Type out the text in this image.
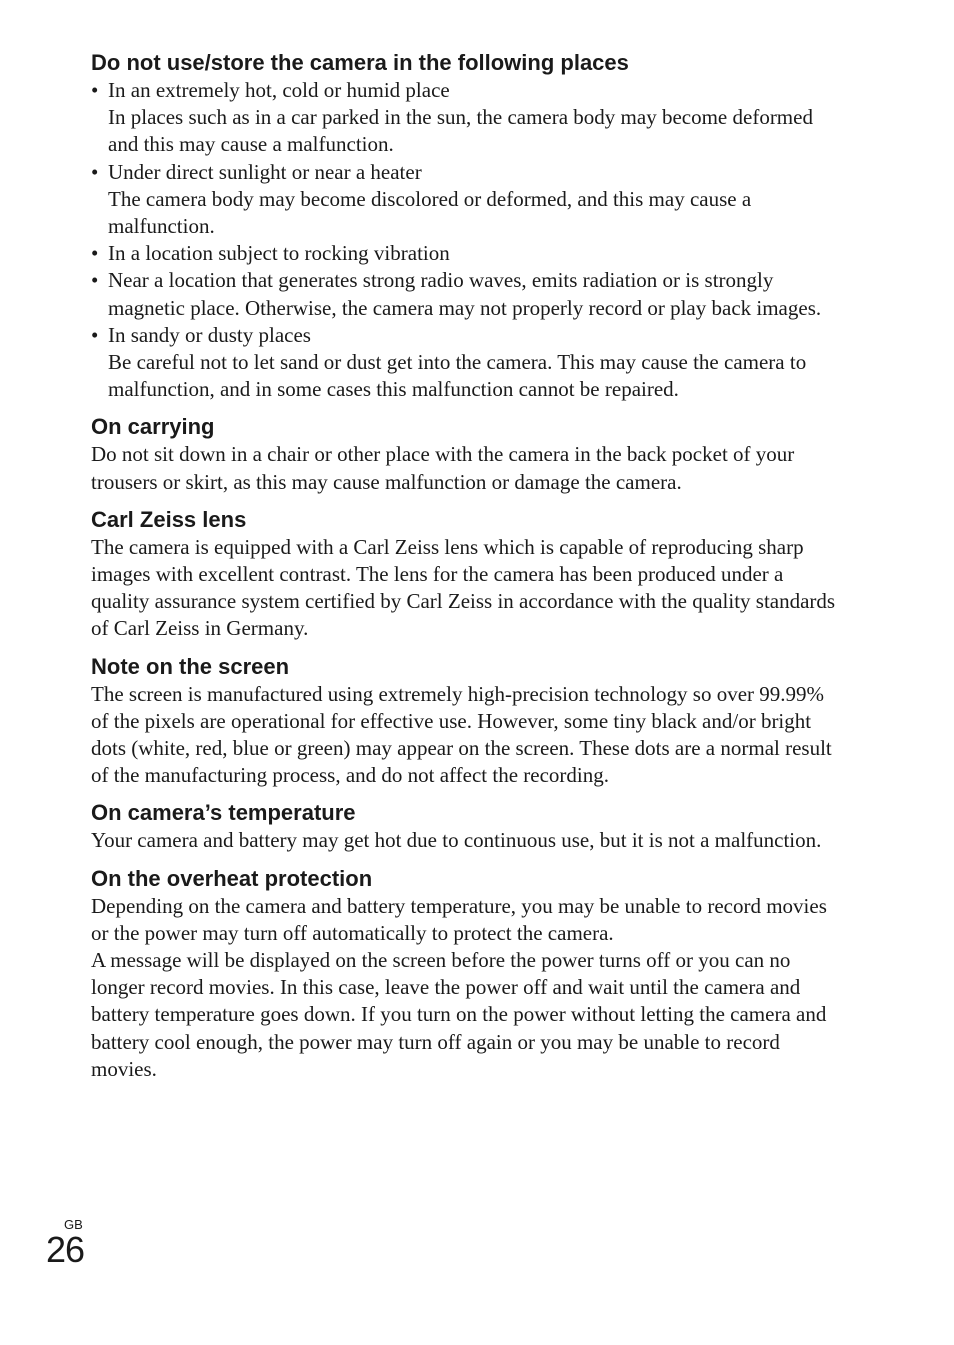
Do not use/store the camera in the following places
• In an extremely hot, cold or humid place
In places such as in a car parked in the sun, the camera body may become deformed and this may cause a malfunction.
• Under direct sunlight or near a heater
The camera body may become discolored or deformed, and this may cause a malfunction.
• In a location subject to rocking vibration
• Near a location that generates strong radio waves, emits radiation or is strongly magnetic place. Otherwise, the camera may not properly record or play back images.
• In sandy or dusty places
Be careful not to let sand or dust get into the camera. This may cause the camera to malfunction, and in some cases this malfunction cannot be repaired.
On carrying

Do not sit down in a chair or other place with the camera in the back pocket of your trousers or skirt, as this may cause malfunction or damage the camera.

Carl Zeiss lens

The camera is equipped with a Carl Zeiss lens which is capable of reproducing sharp images with excellent contrast. The lens for the camera has been produced under a quality assurance system certified by Carl Zeiss in accordance with the quality standards of Carl Zeiss in Germany.

Note on the screen

The screen is manufactured using extremely high-precision technology so over 99.99% of the pixels are operational for effective use. However, some tiny black and/or bright dots (white, red, blue or green) may appear on the screen. These dots are a normal result of the manufacturing process, and do not affect the recording.

On camera’s temperature

Your camera and battery may get hot due to continuous use, but it is not a malfunction.

On the overheat protection

Depending on the camera and battery temperature, you may be unable to record movies or the power may turn off automatically to protect the camera.

A message will be displayed on the screen before the power turns off or you can no longer record movies. In this case, leave the power off and wait until the camera and battery temperature goes down. If you turn on the power without letting the camera and battery cool enough, the power may turn off again or you may be unable to record movies.

GB
26
